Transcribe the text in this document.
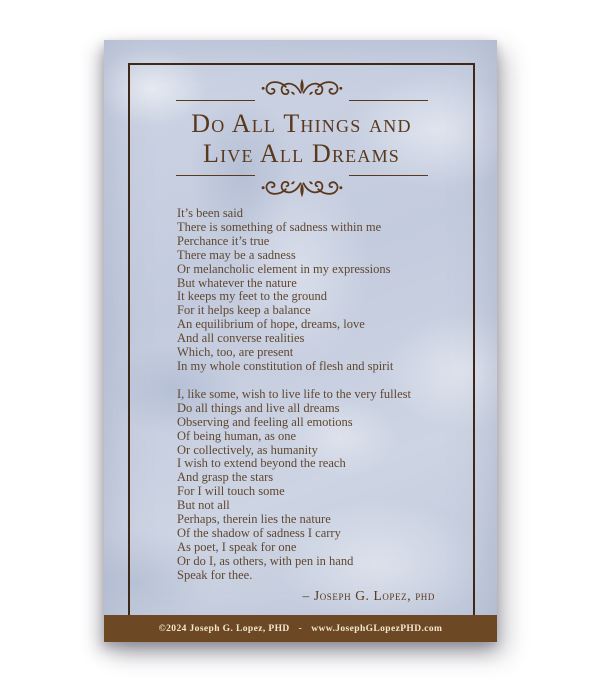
Do All Things and
Live All Dreams
It’s been said
There is something of sadness within me
Perchance it’s true
There may be a sadness
Or melancholic element in my expressions
But whatever the nature
It keeps my feet to the ground
For it helps keep a balance
An equilibrium of hope, dreams, love
And all converse realities
Which, too, are present
In my whole constitution of flesh and spirit
I, like some, wish to live life to the very fullest
Do all things and live all dreams
Observing and feeling all emotions
Of being human, as one
Or collectively, as humanity
I wish to extend beyond the reach
And grasp the stars
For I will touch some
But not all
Perhaps, therein lies the nature
Of the shadow of sadness I carry
As poet, I speak for one
Or do I, as others, with pen in hand
Speak for thee.
– Joseph G. Lopez, phd
©2024 Joseph G. Lopez, PHD - www.JosephGLopezPHD.com
